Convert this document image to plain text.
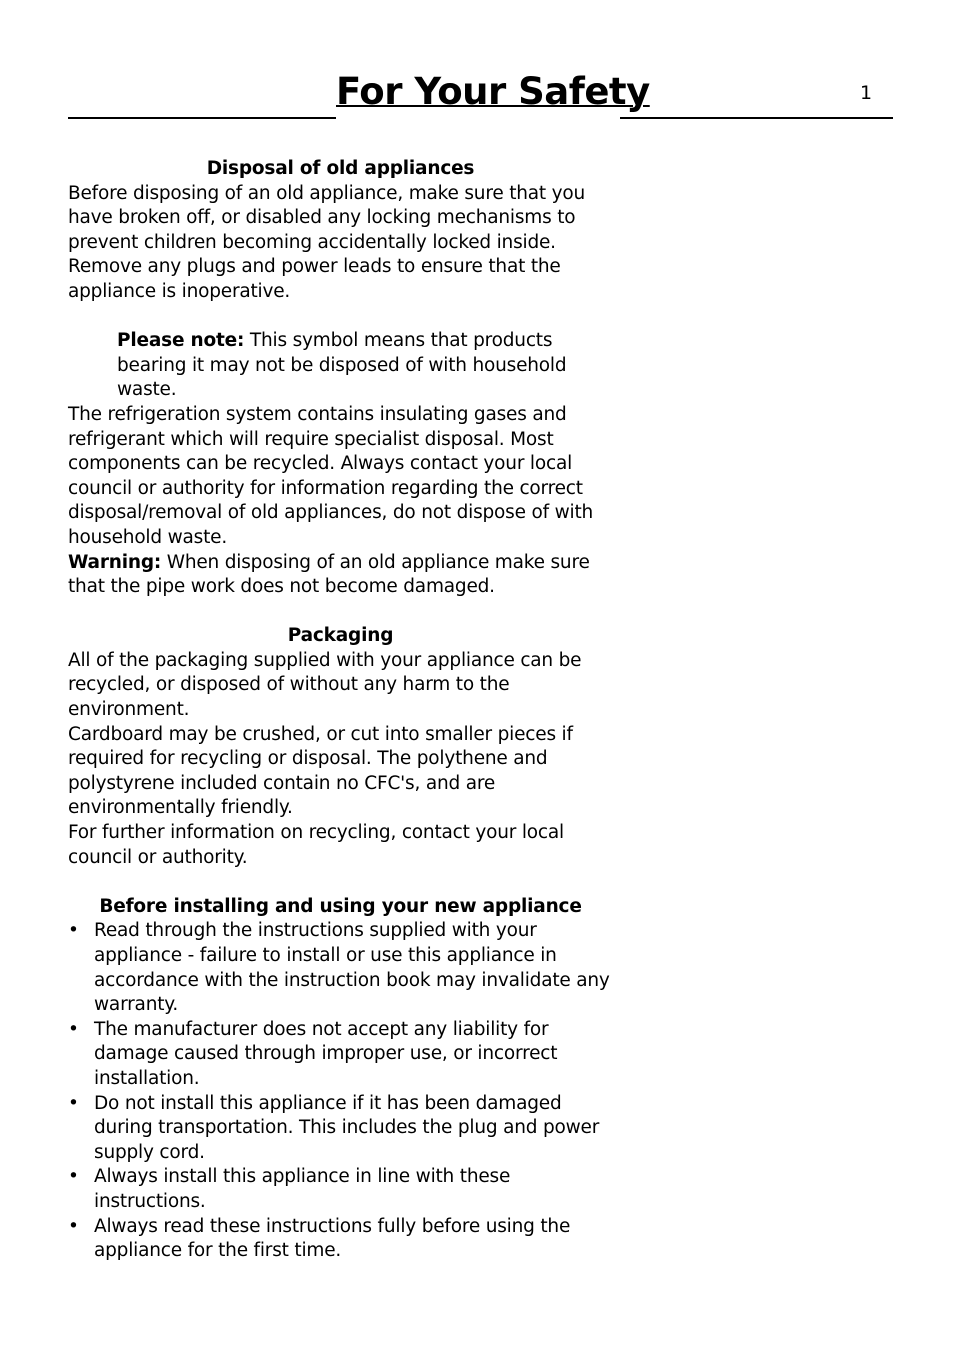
For Your Safety	1
Disposal of old appliances
Before disposing of an old appliance, make sure that you have broken off, or disabled any locking mechanisms to prevent children becoming accidentally locked inside. Remove any plugs and power leads to ensure that the appliance is inoperative.
Please note: This symbol means that products bearing it may not be disposed of with household waste.
The refrigeration system contains insulating gases and refrigerant which will require specialist disposal. Most components can be recycled. Always contact your local council or authority for information regarding the correct disposal/removal of old appliances, do not dispose of with household waste.
Warning: When disposing of an old appliance make sure that the pipe work does not become damaged.
Packaging
All of the packaging supplied with your appliance can be recycled, or disposed of without any harm to the environment.
Cardboard may be crushed, or cut into smaller pieces if required for recycling or disposal. The polythene and polystyrene included contain no CFC's, and are environmentally friendly.
For further information on recycling, contact your local council or authority.
Before installing and using your new appliance
• Read through the instructions supplied with your appliance - failure to install or use this appliance in accordance with the instruction book may invalidate any warranty.
• The manufacturer does not accept any liability for damage caused through improper use, or incorrect installation.
• Do not install this appliance if it has been damaged during transportation. This includes the plug and power supply cord.
• Always install this appliance in line with these instructions.
• Always read these instructions fully before using the appliance for the first time.
